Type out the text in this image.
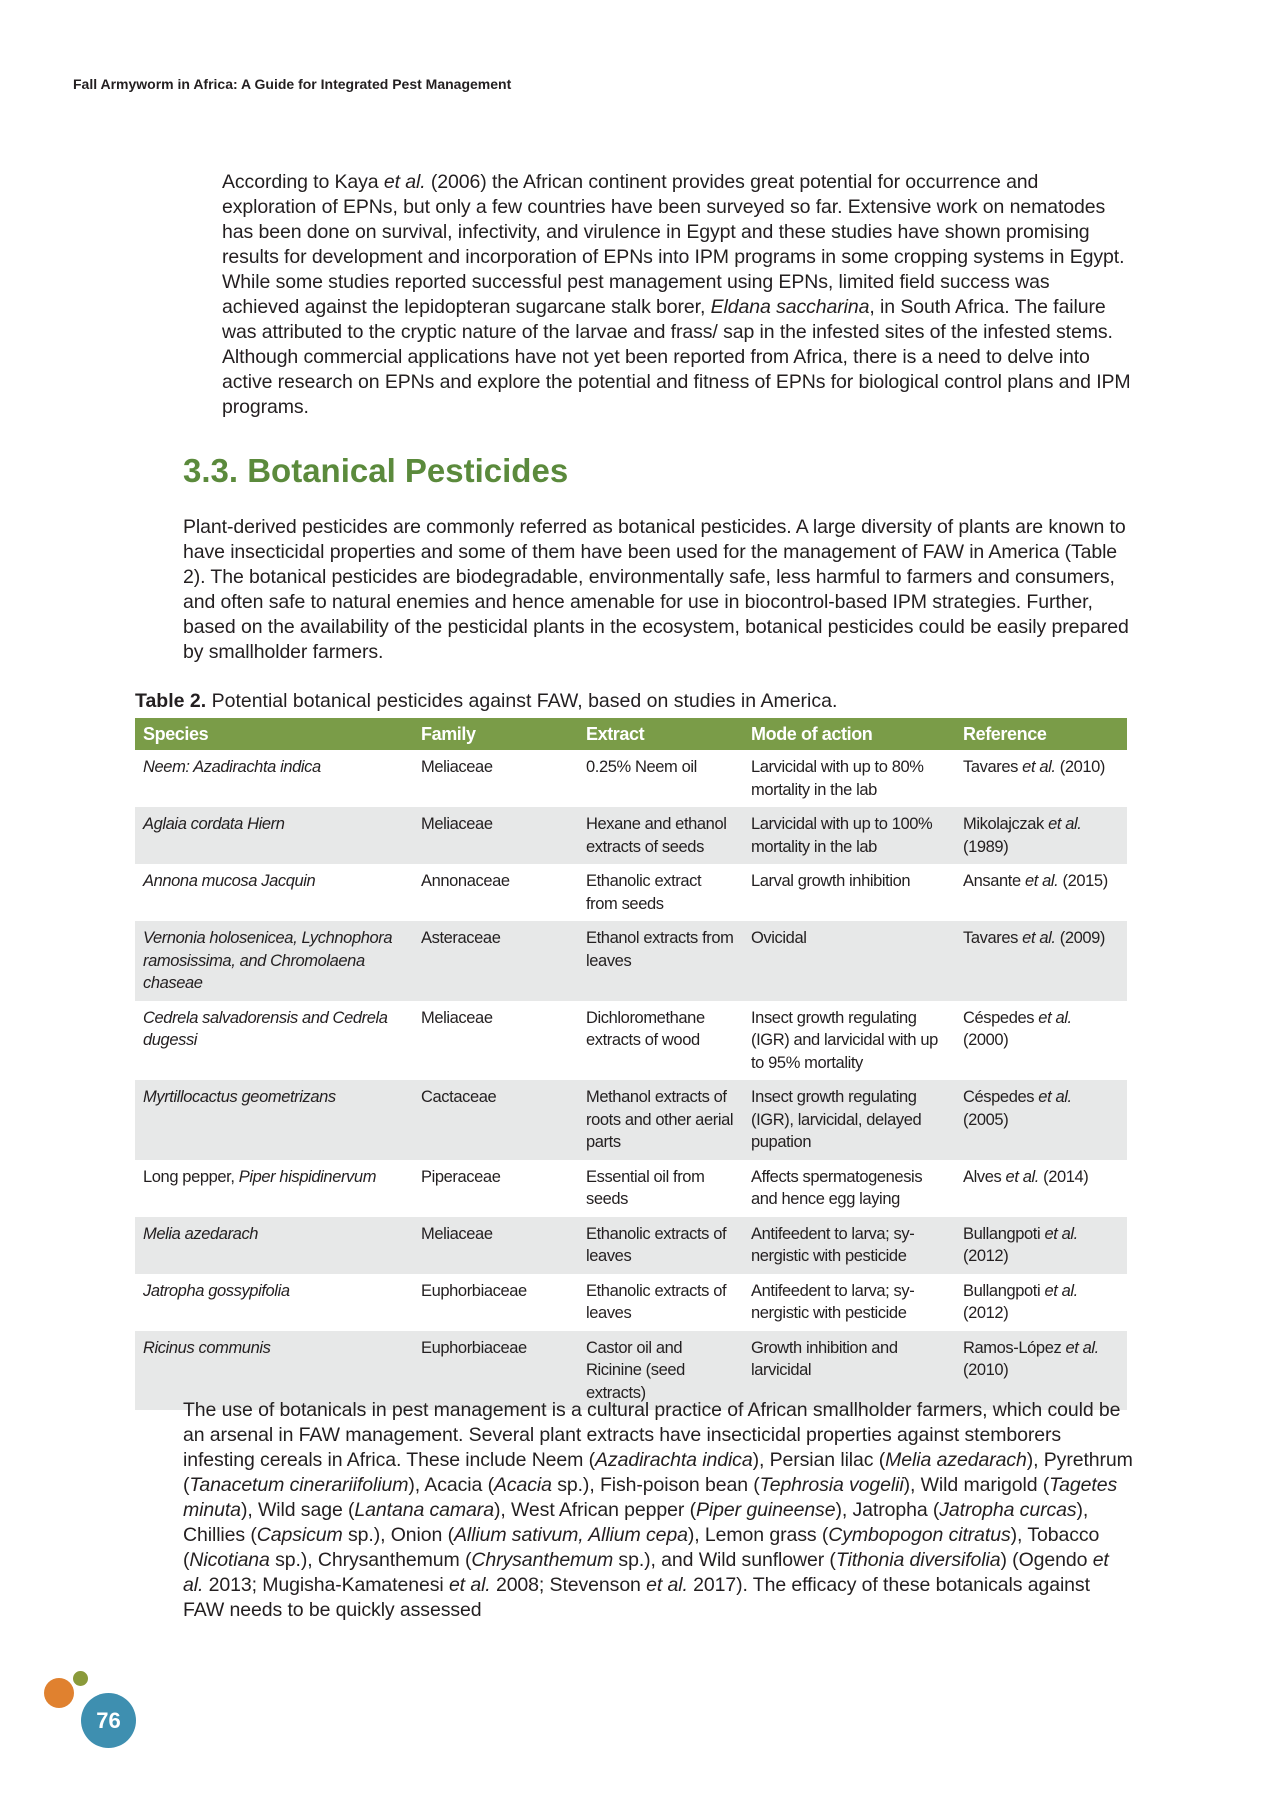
Fall Armyworm in Africa: A Guide for Integrated Pest Management

According to Kaya et al. (2006) the African continent provides great potential for occurrence and exploration of EPNs, but only a few countries have been surveyed so far. Extensive work on nematodes has been done on survival, infectivity, and virulence in Egypt and these studies have shown promising results for development and incorporation of EPNs into IPM programs in some cropping systems in Egypt. While some studies reported successful pest management using EPNs, limited field success was achieved against the lepidopteran sugarcane stalk borer, Eldana saccharina, in South Africa. The failure was attributed to the cryptic nature of the larvae and frass/ sap in the infested sites of the infested stems. Although commercial applications have not yet been reported from Africa, there is a need to delve into active research on EPNs and explore the potential and fitness of EPNs for biological control plans and IPM programs.

3.3. Botanical Pesticides

Plant-derived pesticides are commonly referred as botanical pesticides. A large diversity of plants are known to have insecticidal properties and some of them have been used for the management of FAW in America (Table 2). The botanical pesticides are biodegradable, environmentally safe, less harmful to farmers and consumers, and often safe to natural enemies and hence amenable for use in biocontrol-based IPM strategies. Further, based on the availability of the pesticidal plants in the ecosystem, botanical pesticides could be easily prepared by smallholder farmers.

Table 2. Potential botanical pesticides against FAW, based on studies in America.
Species	Family	Extract	Mode of action	Reference
Neem: Azadirachta indica	Meliaceae	0.25% Neem oil	Larvicidal with up to 80% mortality in the lab	Tavares et al. (2010)
Aglaia cordata Hiern	Meliaceae	Hexane and ethanol extracts of seeds	Larvicidal with up to 100% mortality in the lab	Mikolajczak et al. (1989)
Annona mucosa Jacquin	Annonaceae	Ethanolic extract from seeds	Larval growth inhibition	Ansante et al. (2015)
Vernonia holosenicea, Lychnophora ramosissima, and Chromolaena chaseae	Asteraceae	Ethanol extracts from leaves	Ovicidal	Tavares et al. (2009)
Cedrela salvadorensis and Cedrela dugessi	Meliaceae	Dichloromethane extracts of wood	Insect growth regulating (IGR) and larvicidal with up to 95% mortality	Céspedes et al. (2000)
Myrtillocactus geometrizans	Cactaceae	Methanol extracts of roots and other aerial parts	Insect growth regulating (IGR), larvicidal, delayed pupation	Céspedes et al. (2005)
Long pepper, Piper hispidinervum	Piperaceae	Essential oil from seeds	Affects spermatogenesis and hence egg laying	Alves et al. (2014)
Melia azedarach	Meliaceae	Ethanolic extracts of leaves	Antifeedent to larva; sy-nergistic with pesticide	Bullangpoti et al. (2012)
Jatropha gossypifolia	Euphorbiaceae	Ethanolic extracts of leaves	Antifeedent to larva; sy-nergistic with pesticide	Bullangpoti et al. (2012)
Ricinus communis	Euphorbiaceae	Castor oil and Ricinine (seed extracts)	Growth inhibition and larvicidal	Ramos-López et al. (2010)

The use of botanicals in pest management is a cultural practice of African smallholder farmers, which could be an arsenal in FAW management. Several plant extracts have insecticidal properties against stemborers infesting cereals in Africa. These include Neem (Azadirachta indica), Persian lilac (Melia azedarach), Pyrethrum (Tanacetum cinerariifolium), Acacia (Acacia sp.), Fish-poison bean (Tephrosia vogelii), Wild marigold (Tagetes minuta), Wild sage (Lantana camara), West African pepper (Piper guineense), Jatropha (Jatropha curcas), Chillies (Capsicum sp.), Onion (Allium sativum, Allium cepa), Lemon grass (Cymbopogon citratus), Tobacco (Nicotiana sp.), Chrysanthemum (Chrysanthemum sp.), and Wild sunflower (Tithonia diversifolia) (Ogendo et al. 2013; Mugisha-Kamatenesi et al. 2008; Stevenson et al. 2017). The efficacy of these botanicals against FAW needs to be quickly assessed

76
